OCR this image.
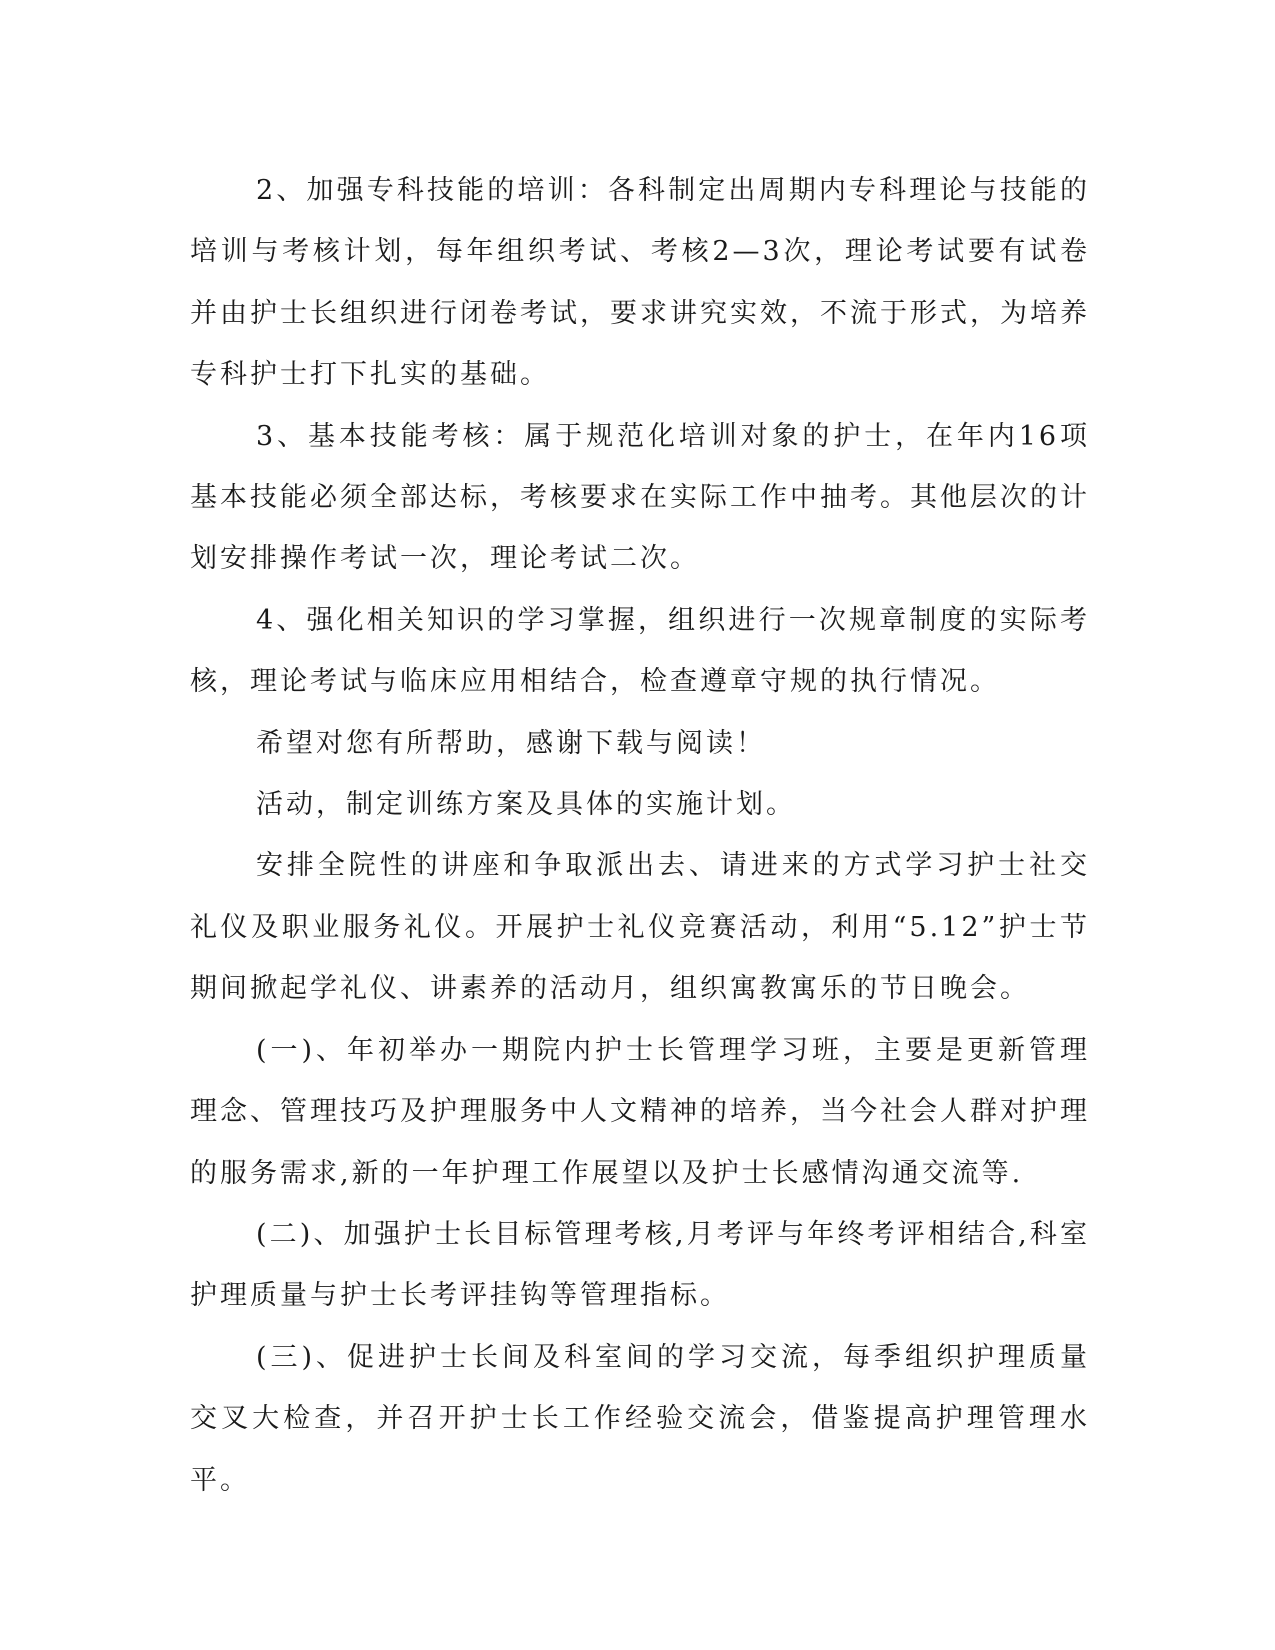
2、加强专科技能的培训：各科制定出周期内专科理论与技能的培训与考核计划，每年组织考试、考核2—3次，理论考试要有试卷并由护士长组织进行闭卷考试，要求讲究实效，不流于形式，为培养专科护士打下扎实的基础。

3、基本技能考核：属于规范化培训对象的护士，在年内16项基本技能必须全部达标，考核要求在实际工作中抽考。其他层次的计划安排操作考试一次，理论考试二次。

4、强化相关知识的学习掌握，组织进行一次规章制度的实际考核，理论考试与临床应用相结合，检查遵章守规的执行情况。

希望对您有所帮助，感谢下载与阅读！

活动，制定训练方案及具体的实施计划。

安排全院性的讲座和争取派出去、请进来的方式学习护士社交礼仪及职业服务礼仪。开展护士礼仪竞赛活动，利用“5.12”护士节期间掀起学礼仪、讲素养的活动月，组织寓教寓乐的节日晚会。

(一)、年初举办一期院内护士长管理学习班，主要是更新管理理念、管理技巧及护理服务中人文精神的培养，当今社会人群对护理的服务需求,新的一年护理工作展望以及护士长感情沟通交流等.

(二)、加强护士长目标管理考核,月考评与年终考评相结合,科室护理质量与护士长考评挂钩等管理指标。

(三)、促进护士长间及科室间的学习交流，每季组织护理质量交叉大检查，并召开护士长工作经验交流会，借鉴提高护理管理水平。
